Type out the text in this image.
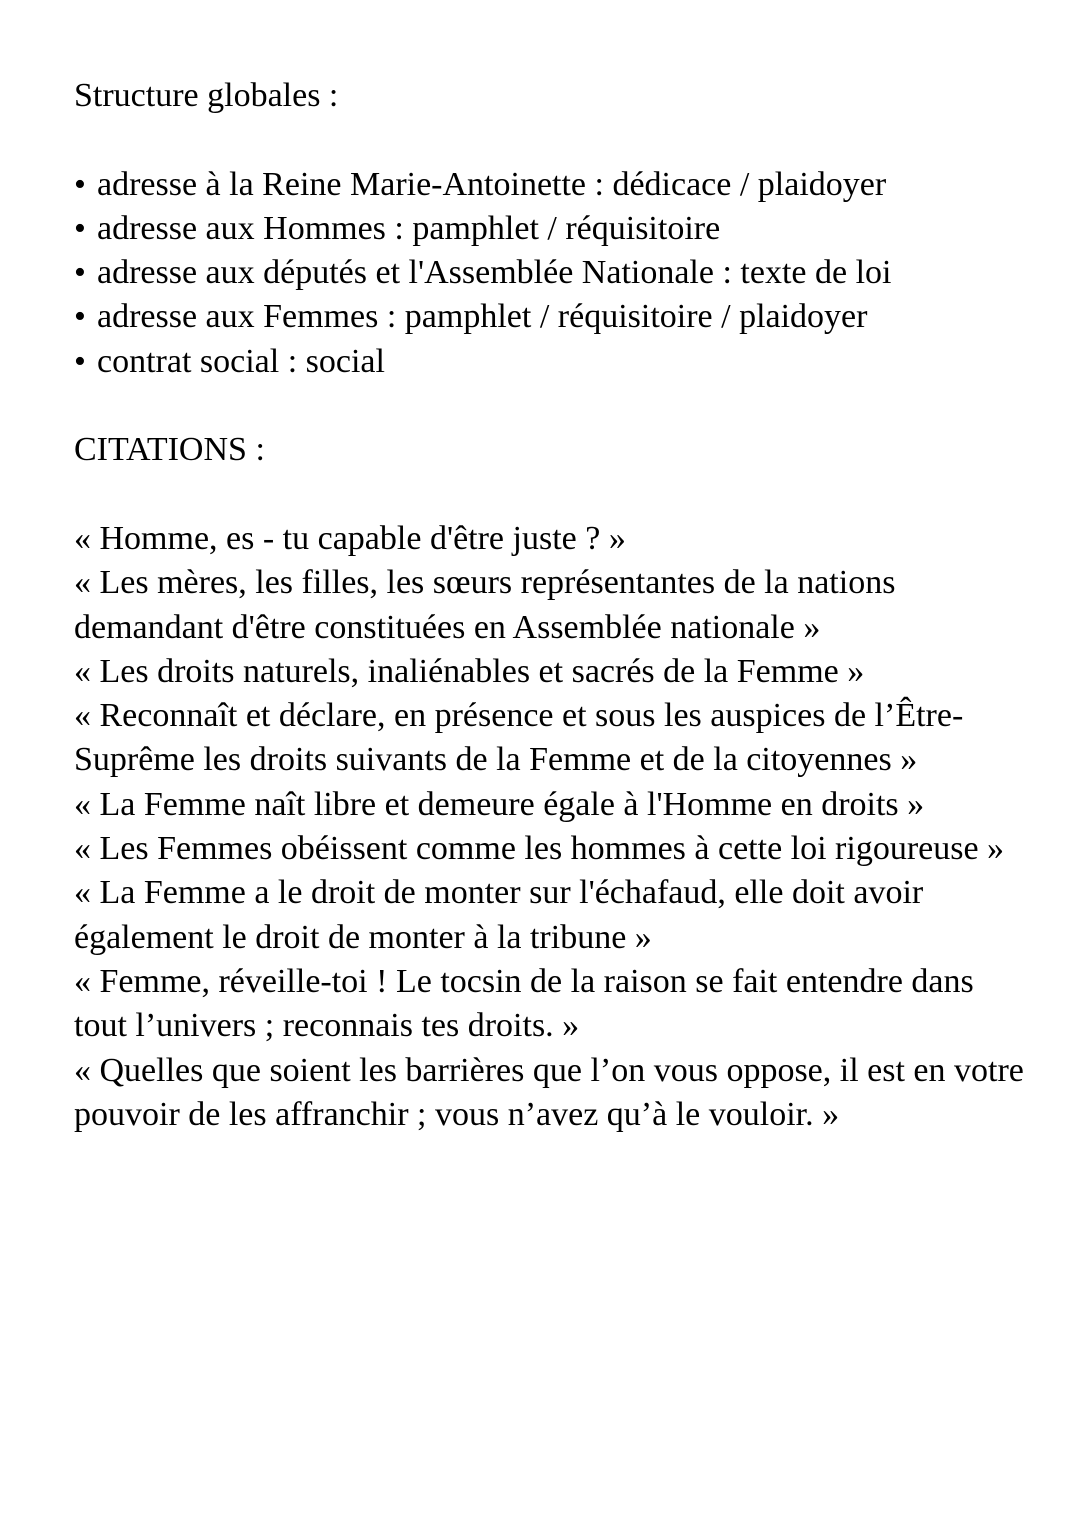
Structure globales :

• adresse à la Reine Marie-Antoinette : dédicace / plaidoyer
• adresse aux Hommes : pamphlet / réquisitoire
• adresse aux députés et l'Assemblée Nationale : texte de loi
• adresse aux Femmes : pamphlet / réquisitoire / plaidoyer
• contrat social : social

CITATIONS :

« Homme, es - tu capable d'être juste ? »

« Les mères, les filles, les sœurs représentantes de la nations demandant d'être constituées en Assemblée nationale »

« Les droits naturels, inaliénables et sacrés de la Femme »

« Reconnaît et déclare, en présence et sous les auspices de l’Être-Suprême les droits suivants de la Femme et de la citoyennes »

« La Femme naît libre et demeure égale à l'Homme en droits »

« Les Femmes obéissent comme les hommes à cette loi rigoureuse »

« La Femme a le droit de monter sur l'échafaud, elle doit avoir également le droit de monter à la tribune »

« Femme, réveille-toi ! Le tocsin de la raison se fait entendre dans tout l’univers ; reconnais tes droits. »

« Quelles que soient les barrières que l’on vous oppose, il est en votre pouvoir de les affranchir ; vous n’avez qu’à le vouloir. »
